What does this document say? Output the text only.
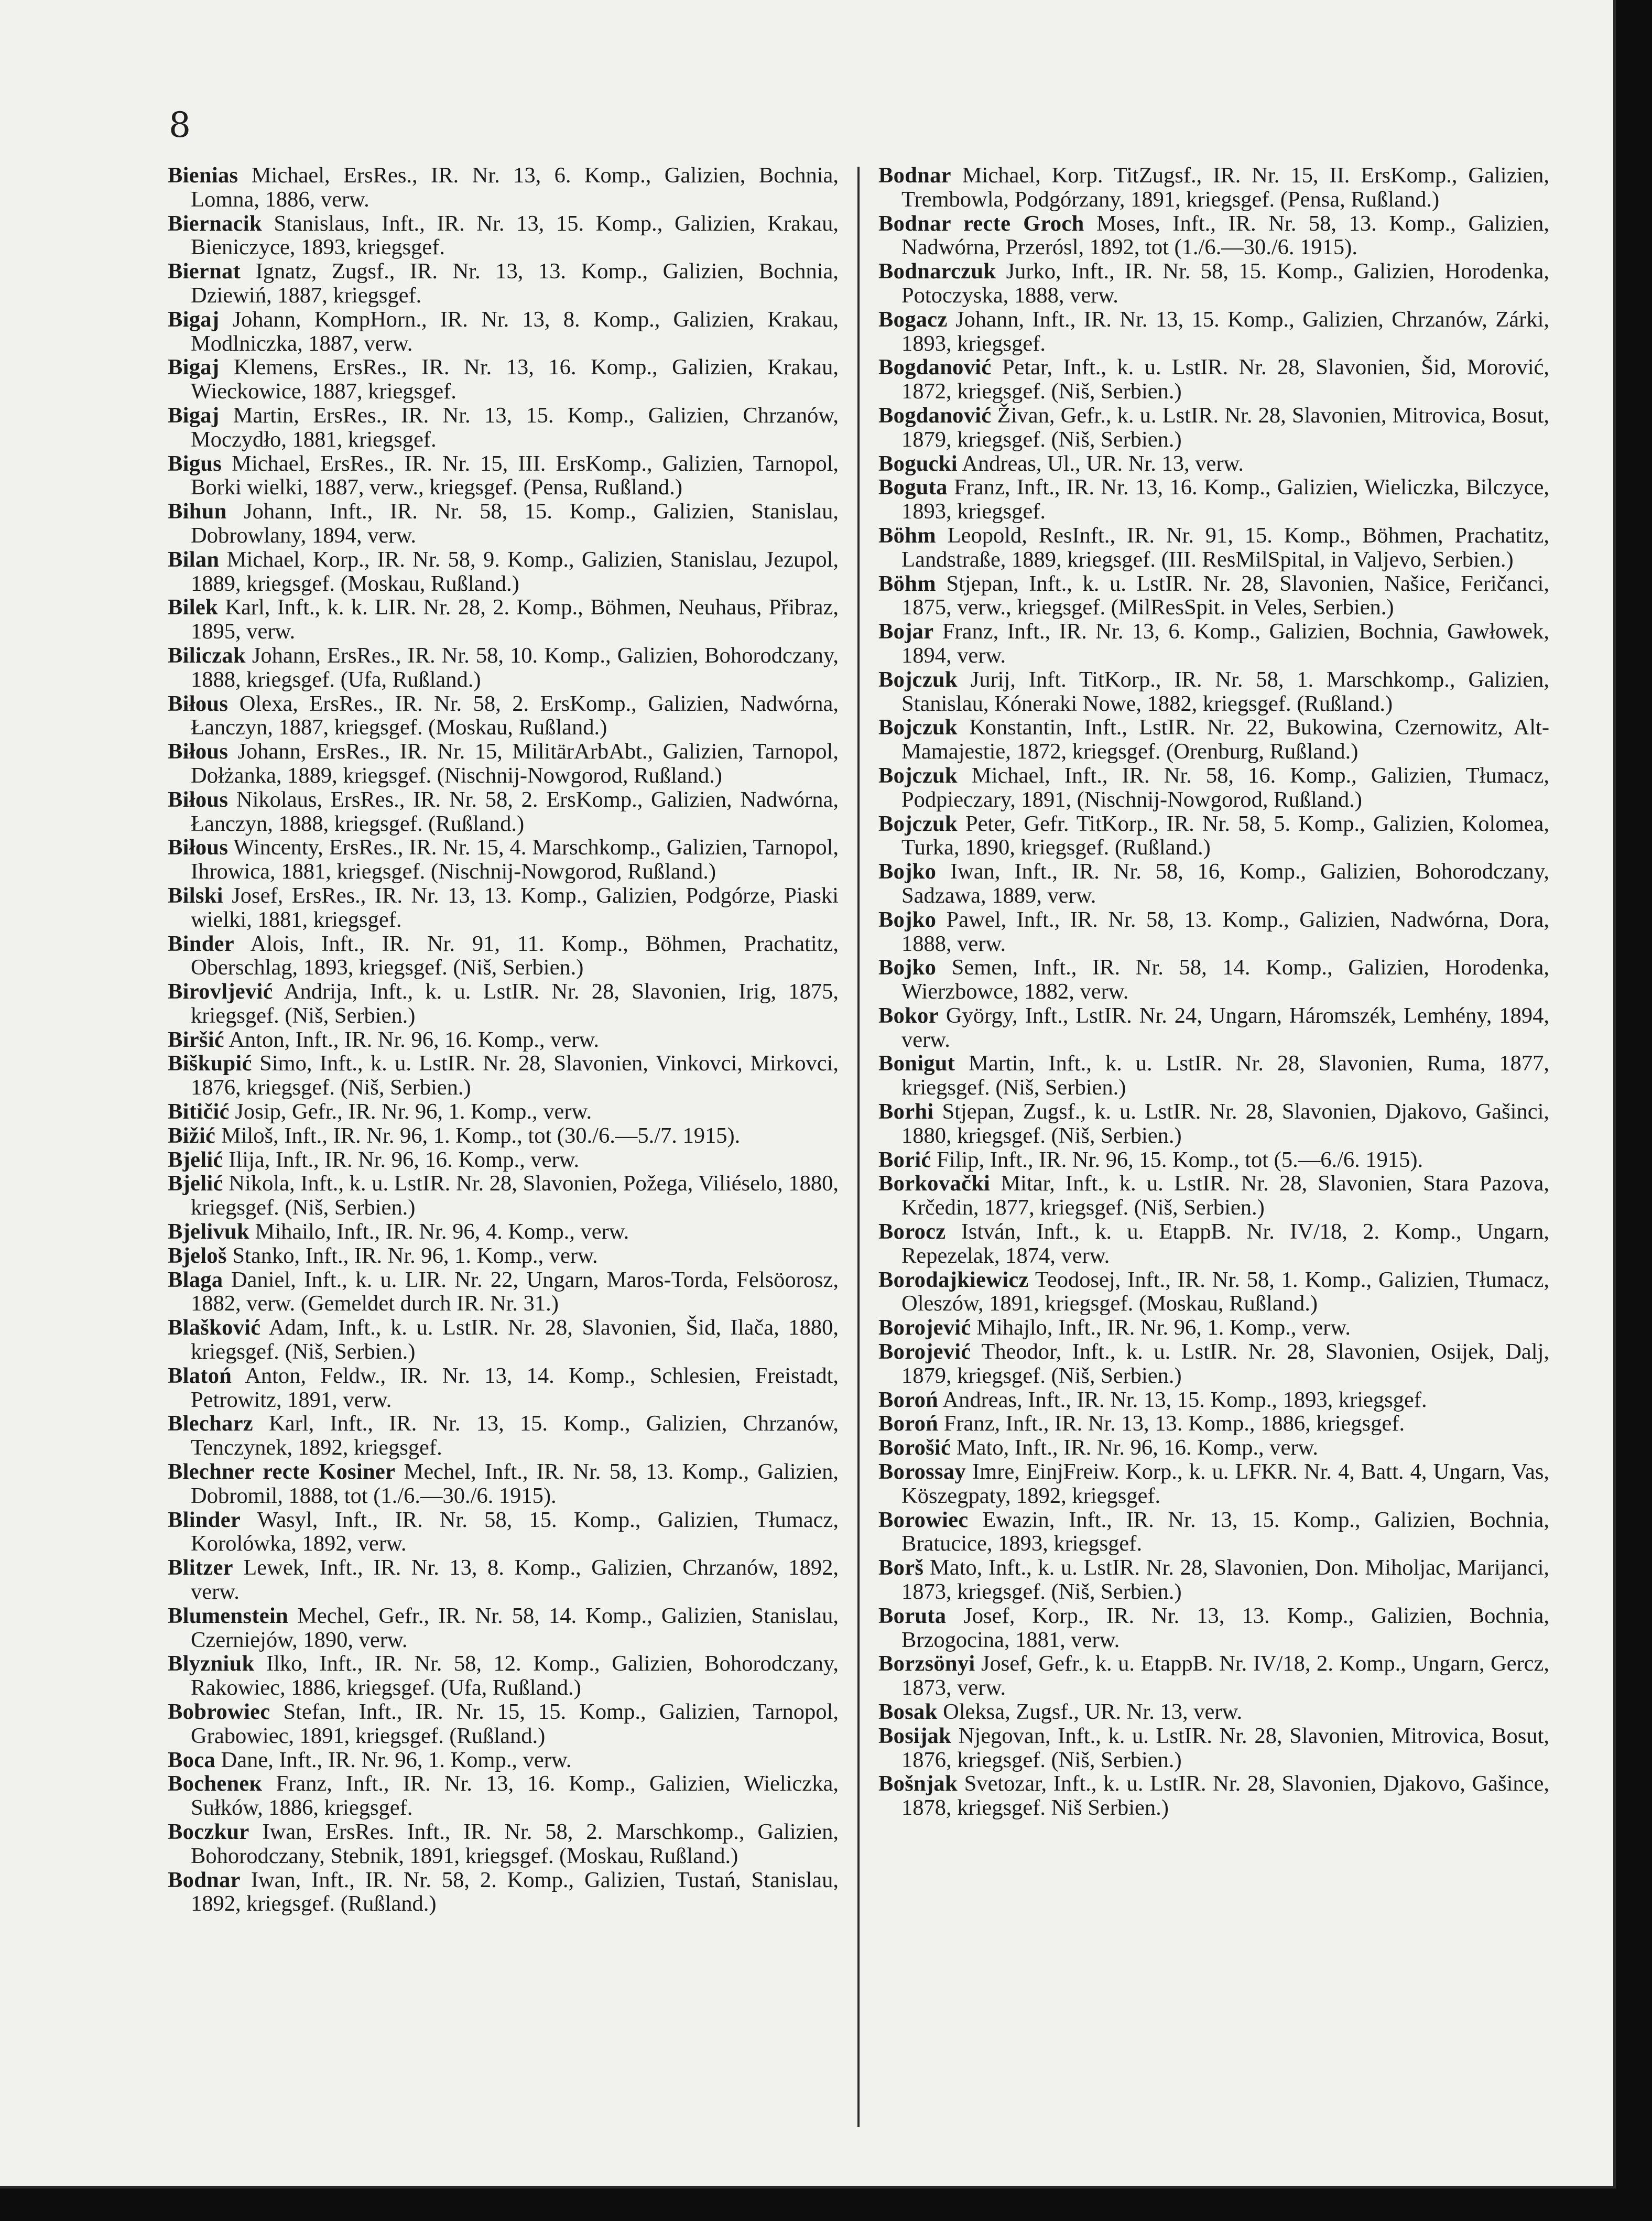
8

Bienias Michael, ErsRes., IR. Nr. 13, 6. Komp., Galizien, Bochnia, Lomna, 1886, verw.

Biernacik Stanislaus, Inft., IR. Nr. 13, 15. Komp., Galizien, Krakau, Bieniczyce, 1893, kriegsgef.

Biernat Ignatz, Zugsf., IR. Nr. 13, 13. Komp., Galizien, Bochnia, Dziewiń, 1887, kriegsgef.

Bigaj Johann, KompHorn., IR. Nr. 13, 8. Komp., Galizien, Krakau, Modlniczka, 1887, verw.

Bigaj Klemens, ErsRes., IR. Nr. 13, 16. Komp., Galizien, Krakau, Wieckowice, 1887, kriegsgef.

Bigaj Martin, ErsRes., IR. Nr. 13, 15. Komp., Galizien, Chrzanów, Moczydło, 1881, kriegsgef.

Bigus Michael, ErsRes., IR. Nr. 15, III. ErsKomp., Galizien, Tarnopol, Borki wielki, 1887, verw., kriegsgef. (Pensa, Rußland.)

Bihun Johann, Inft., IR. Nr. 58, 15. Komp., Galizien, Stanislau, Dobrowlany, 1894, verw.

Bilan Michael, Korp., IR. Nr. 58, 9. Komp., Galizien, Stanislau, Jezupol, 1889, kriegsgef. (Moskau, Rußland.)

Bilek Karl, Inft., k. k. LIR. Nr. 28, 2. Komp., Böhmen, Neuhaus, Přibraz, 1895, verw.

Biliczak Johann, ErsRes., IR. Nr. 58, 10. Komp., Galizien, Bohorodczany, 1888, kriegsgef. (Ufa, Rußland.)

Biłous Olexa, ErsRes., IR. Nr. 58, 2. ErsKomp., Galizien, Nadwórna, Łanczyn, 1887, kriegsgef. (Moskau, Rußland.)

Biłous Johann, ErsRes., IR. Nr. 15, MilitärArbAbt., Galizien, Tarnopol, Dołżanka, 1889, kriegsgef. (Nischnij-Nowgorod, Rußland.)

Biłous Nikolaus, ErsRes., IR. Nr. 58, 2. ErsKomp., Galizien, Nadwórna, Łanczyn, 1888, kriegsgef. (Rußland.)

Biłous Wincenty, ErsRes., IR. Nr. 15, 4. Marschkomp., Galizien, Tarnopol, Ihrowica, 1881, kriegsgef. (Nischnij-Nowgorod, Rußland.)

Bilski Josef, ErsRes., IR. Nr. 13, 13. Komp., Galizien, Podgórze, Piaski wielki, 1881, kriegsgef.

Binder Alois, Inft., IR. Nr. 91, 11. Komp., Böhmen, Prachatitz, Oberschlag, 1893, kriegsgef. (Niš, Serbien.)

Birovljević Andrija, Inft., k. u. LstIR. Nr. 28, Slavonien, Irig, 1875, kriegsgef. (Niš, Serbien.)

Biršić Anton, Inft., IR. Nr. 96, 16. Komp., verw.

Biškupić Simo, Inft., k. u. LstIR. Nr. 28, Slavonien, Vinkovci, Mirkovci, 1876, kriegsgef. (Niš, Serbien.)

Bitičić Josip, Gefr., IR. Nr. 96, 1. Komp., verw.

Bižić Miloš, Inft., IR. Nr. 96, 1. Komp., tot (30./6.—5./7. 1915).

Bjelić Ilija, Inft., IR. Nr. 96, 16. Komp., verw.

Bjelić Nikola, Inft., k. u. LstIR. Nr. 28, Slavonien, Požega, Viliéselo, 1880, kriegsgef. (Niš, Serbien.)

Bjelivuk Mihailo, Inft., IR. Nr. 96, 4. Komp., verw.

Bjeloš Stanko, Inft., IR. Nr. 96, 1. Komp., verw.

Blaga Daniel, Inft., k. u. LIR. Nr. 22, Ungarn, Maros-Torda, Felsöorosz, 1882, verw. (Gemeldet durch IR. Nr. 31.)

Blašković Adam, Inft., k. u. LstIR. Nr. 28, Slavonien, Šid, Ilača, 1880, kriegsgef. (Niš, Serbien.)

Blatoń Anton, Feldw., IR. Nr. 13, 14. Komp., Schlesien, Freistadt, Petrowitz, 1891, verw.

Blecharz Karl, Inft., IR. Nr. 13, 15. Komp., Galizien, Chrzanów, Tenczynek, 1892, kriegsgef.

Blechner recte Kosiner Mechel, Inft., IR. Nr. 58, 13. Komp., Galizien, Dobromil, 1888, tot (1./6.—30./6. 1915).

Blinder Wasyl, Inft., IR. Nr. 58, 15. Komp., Galizien, Tłumacz, Korolówka, 1892, verw.

Blitzer Lewek, Inft., IR. Nr. 13, 8. Komp., Galizien, Chrzanów, 1892, verw.

Blumenstein Mechel, Gefr., IR. Nr. 58, 14. Komp., Galizien, Stanislau, Czerniejów, 1890, verw.

Blyzniuk Ilko, Inft., IR. Nr. 58, 12. Komp., Galizien, Bohorodczany, Rakowiec, 1886, kriegsgef. (Ufa, Rußland.)

Bobrowiec Stefan, Inft., IR. Nr. 15, 15. Komp., Galizien, Tarnopol, Grabowiec, 1891, kriegsgef. (Rußland.)

Boca Dane, Inft., IR. Nr. 96, 1. Komp., verw.

Bocheneк Franz, Inft., IR. Nr. 13, 16. Komp., Galizien, Wieliczka, Sułków, 1886, kriegsgef.

Boczkur Iwan, ErsRes. Inft., IR. Nr. 58, 2. Marschkomp., Galizien, Bohorodczany, Stebnik, 1891, kriegsgef. (Moskau, Rußland.)

Bodnar Iwan, Inft., IR. Nr. 58, 2. Komp., Galizien, Tustań, Stanislau, 1892, kriegsgef. (Rußland.)

Bodnar Michael, Korp. TitZugsf., IR. Nr. 15, II. ErsKomp., Galizien, Trembowla, Podgórzany, 1891, kriegsgef. (Pensa, Rußland.)

Bodnar recte Groch Moses, Inft., IR. Nr. 58, 13. Komp., Galizien, Nadwórna, Przerósl, 1892, tot (1./6.—30./6. 1915).

Bodnarczuk Jurko, Inft., IR. Nr. 58, 15. Komp., Galizien, Horodenka, Potoczyska, 1888, verw.

Bogacz Johann, Inft., IR. Nr. 13, 15. Komp., Galizien, Chrzanów, Zárki, 1893, kriegsgef.

Bogdanović Petar, Inft., k. u. LstIR. Nr. 28, Slavonien, Šid, Morović, 1872, kriegsgef. (Niš, Serbien.)

Bogdanović Živan, Gefr., k. u. LstIR. Nr. 28, Slavonien, Mitrovica, Bosut, 1879, kriegsgef. (Niš, Serbien.)

Bogucki Andreas, Ul., UR. Nr. 13, verw.

Boguta Franz, Inft., IR. Nr. 13, 16. Komp., Galizien, Wieliczka, Bilczyce, 1893, kriegsgef.

Böhm Leopold, ResInft., IR. Nr. 91, 15. Komp., Böhmen, Prachatitz, Landstraße, 1889, kriegsgef. (III. ResMilSpital, in Valjevo, Serbien.)

Böhm Stjepan, Inft., k. u. LstIR. Nr. 28, Slavonien, Našice, Feričanci, 1875, verw., kriegsgef. (MilResSpit. in Veles, Serbien.)

Bojar Franz, Inft., IR. Nr. 13, 6. Komp., Galizien, Bochnia, Gawłowek, 1894, verw.

Bojczuk Jurij, Inft. TitKorp., IR. Nr. 58, 1. Marschkomp., Galizien, Stanislau, Kóneraki Nowe, 1882, kriegsgef. (Rußland.)

Bojczuk Konstantin, Inft., LstIR. Nr. 22, Bukowina, Czernowitz, Alt-Mamajestie, 1872, kriegsgef. (Orenburg, Rußland.)

Bojczuk Michael, Inft., IR. Nr. 58, 16. Komp., Galizien, Tłumacz, Podpieczary, 1891, (Nischnij-Nowgorod, Rußland.)

Bojczuk Peter, Gefr. TitKorp., IR. Nr. 58, 5. Komp., Galizien, Kolomea, Turka, 1890, kriegsgef. (Rußland.)

Bojko Iwan, Inft., IR. Nr. 58, 16, Komp., Galizien, Bohorodczany, Sadzawa, 1889, verw.

Bojko Pawel, Inft., IR. Nr. 58, 13. Komp., Galizien, Nadwórna, Dora, 1888, verw.

Bojko Semen, Inft., IR. Nr. 58, 14. Komp., Galizien, Horodenka, Wierzbowce, 1882, verw.

Bokor György, Inft., LstIR. Nr. 24, Ungarn, Háromszék, Lemhény, 1894, verw.

Bonigut Martin, Inft., k. u. LstIR. Nr. 28, Slavonien, Ruma, 1877, kriegsgef. (Niš, Serbien.)

Borhi Stjepan, Zugsf., k. u. LstIR. Nr. 28, Slavonien, Djakovo, Gašinci, 1880, kriegsgef. (Niš, Serbien.)

Borić Filip, Inft., IR. Nr. 96, 15. Komp., tot (5.—6./6. 1915).

Borkovački Mitar, Inft., k. u. LstIR. Nr. 28, Slavonien, Stara Pazova, Krčedin, 1877, kriegsgef. (Niš, Serbien.)

Borocz István, Inft., k. u. EtappB. Nr. IV/18, 2. Komp., Ungarn, Repezelak, 1874, verw.

Borodajkiewicz Teodosej, Inft., IR. Nr. 58, 1. Komp., Galizien, Tłumacz, Oleszów, 1891, kriegsgef. (Moskau, Rußland.)

Borojević Mihajlo, Inft., IR. Nr. 96, 1. Komp., verw.

Borojević Theodor, Inft., k. u. LstIR. Nr. 28, Slavonien, Osijek, Dalj, 1879, kriegsgef. (Niš, Serbien.)

Boroń Andreas, Inft., IR. Nr. 13, 15. Komp., 1893, kriegsgef.

Boroń Franz, Inft., IR. Nr. 13, 13. Komp., 1886, kriegsgef.

Borošić Mato, Inft., IR. Nr. 96, 16. Komp., verw.

Borossay Imre, EinjFreiw. Korp., k. u. LFKR. Nr. 4, Batt. 4, Ungarn, Vas, Köszegpaty, 1892, kriegsgef.

Borowiec Ewazin, Inft., IR. Nr. 13, 15. Komp., Galizien, Bochnia, Bratucice, 1893, kriegsgef.

Borš Mato, Inft., k. u. LstIR. Nr. 28, Slavonien, Don. Miholjac, Marijanci, 1873, kriegsgef. (Niš, Serbien.)

Boruta Josef, Korp., IR. Nr. 13, 13. Komp., Galizien, Bochnia, Brzogocina, 1881, verw.

Borzsönyi Josef, Gefr., k. u. EtappB. Nr. IV/18, 2. Komp., Ungarn, Gercz, 1873, verw.

Bosak Oleksa, Zugsf., UR. Nr. 13, verw.

Bosijak Njegovan, Inft., k. u. LstIR. Nr. 28, Slavonien, Mitrovica, Bosut, 1876, kriegsgef. (Niš, Serbien.)

Bošnjak Svetozar, Inft., k. u. LstIR. Nr. 28, Slavonien, Djakovo, Gašince, 1878, kriegsgef. Niš Serbien.)
